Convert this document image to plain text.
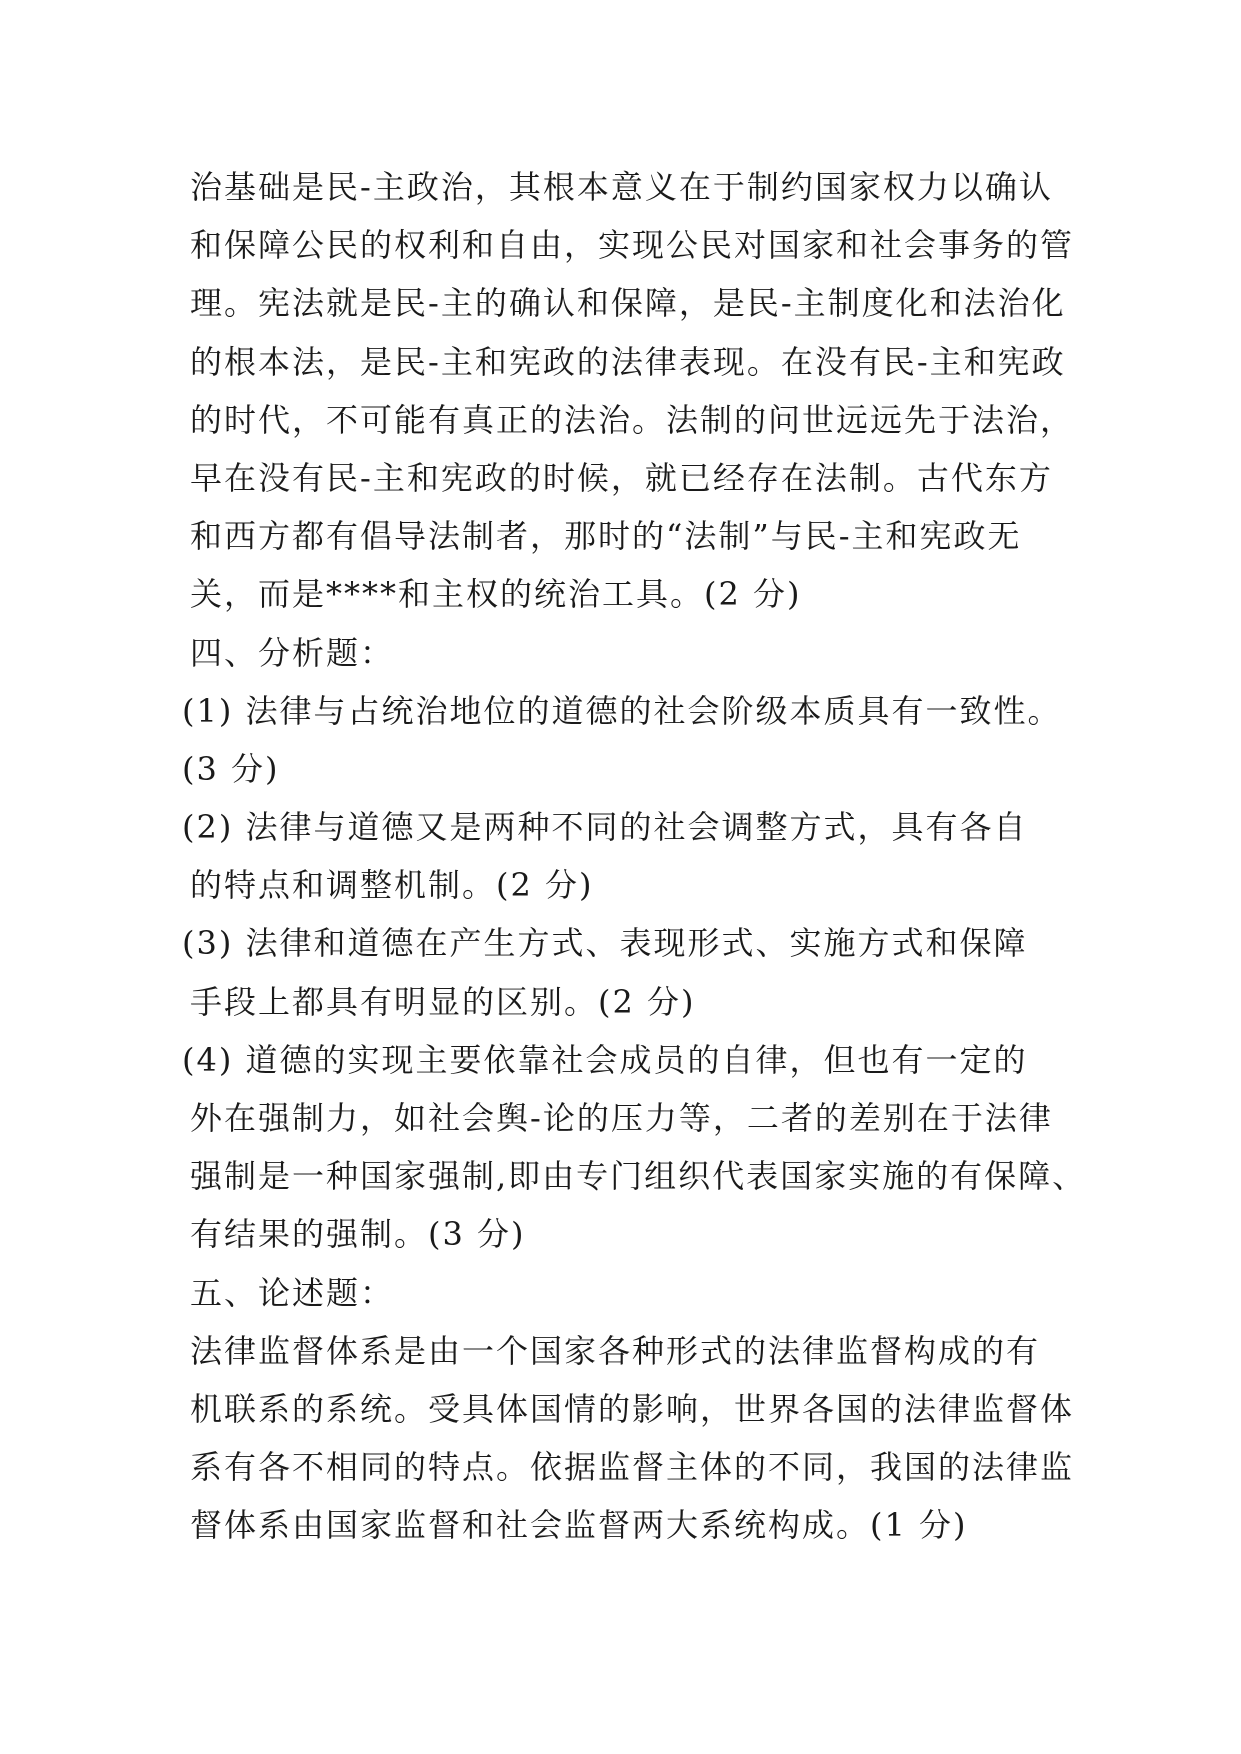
治基础是民-主政治，其根本意义在于制约国家权力以确认
和保障公民的权利和自由，实现公民对国家和社会事务的管
理。宪法就是民-主的确认和保障，是民-主制度化和法治化
的根本法，是民-主和宪政的法律表现。在没有民-主和宪政
的时代，不可能有真正的法治。法制的问世远远先于法治，
早在没有民-主和宪政的时候，就已经存在法制。古代东方
和西方都有倡导法制者，那时的“法制”与民-主和宪政无
关，而是****和主权的统治工具。(2 分)
四、分析题：
(1) 法律与占统治地位的道德的社会阶级本质具有一致性。
(3 分)
(2) 法律与道德又是两种不同的社会调整方式，具有各自
的特点和调整机制。(2 分)
(3) 法律和道德在产生方式、表现形式、实施方式和保障
手段上都具有明显的区别。(2 分)
(4) 道德的实现主要依靠社会成员的自律，但也有一定的
外在强制力，如社会舆-论的压力等，二者的差别在于法律
强制是一种国家强制,即由专门组织代表国家实施的有保障、
有结果的强制。(3 分)
五、论述题：
法律监督体系是由一个国家各种形式的法律监督构成的有
机联系的系统。受具体国情的影响，世界各国的法律监督体
系有各不相同的特点。依据监督主体的不同，我国的法律监
督体系由国家监督和社会监督两大系统构成。(1 分)
